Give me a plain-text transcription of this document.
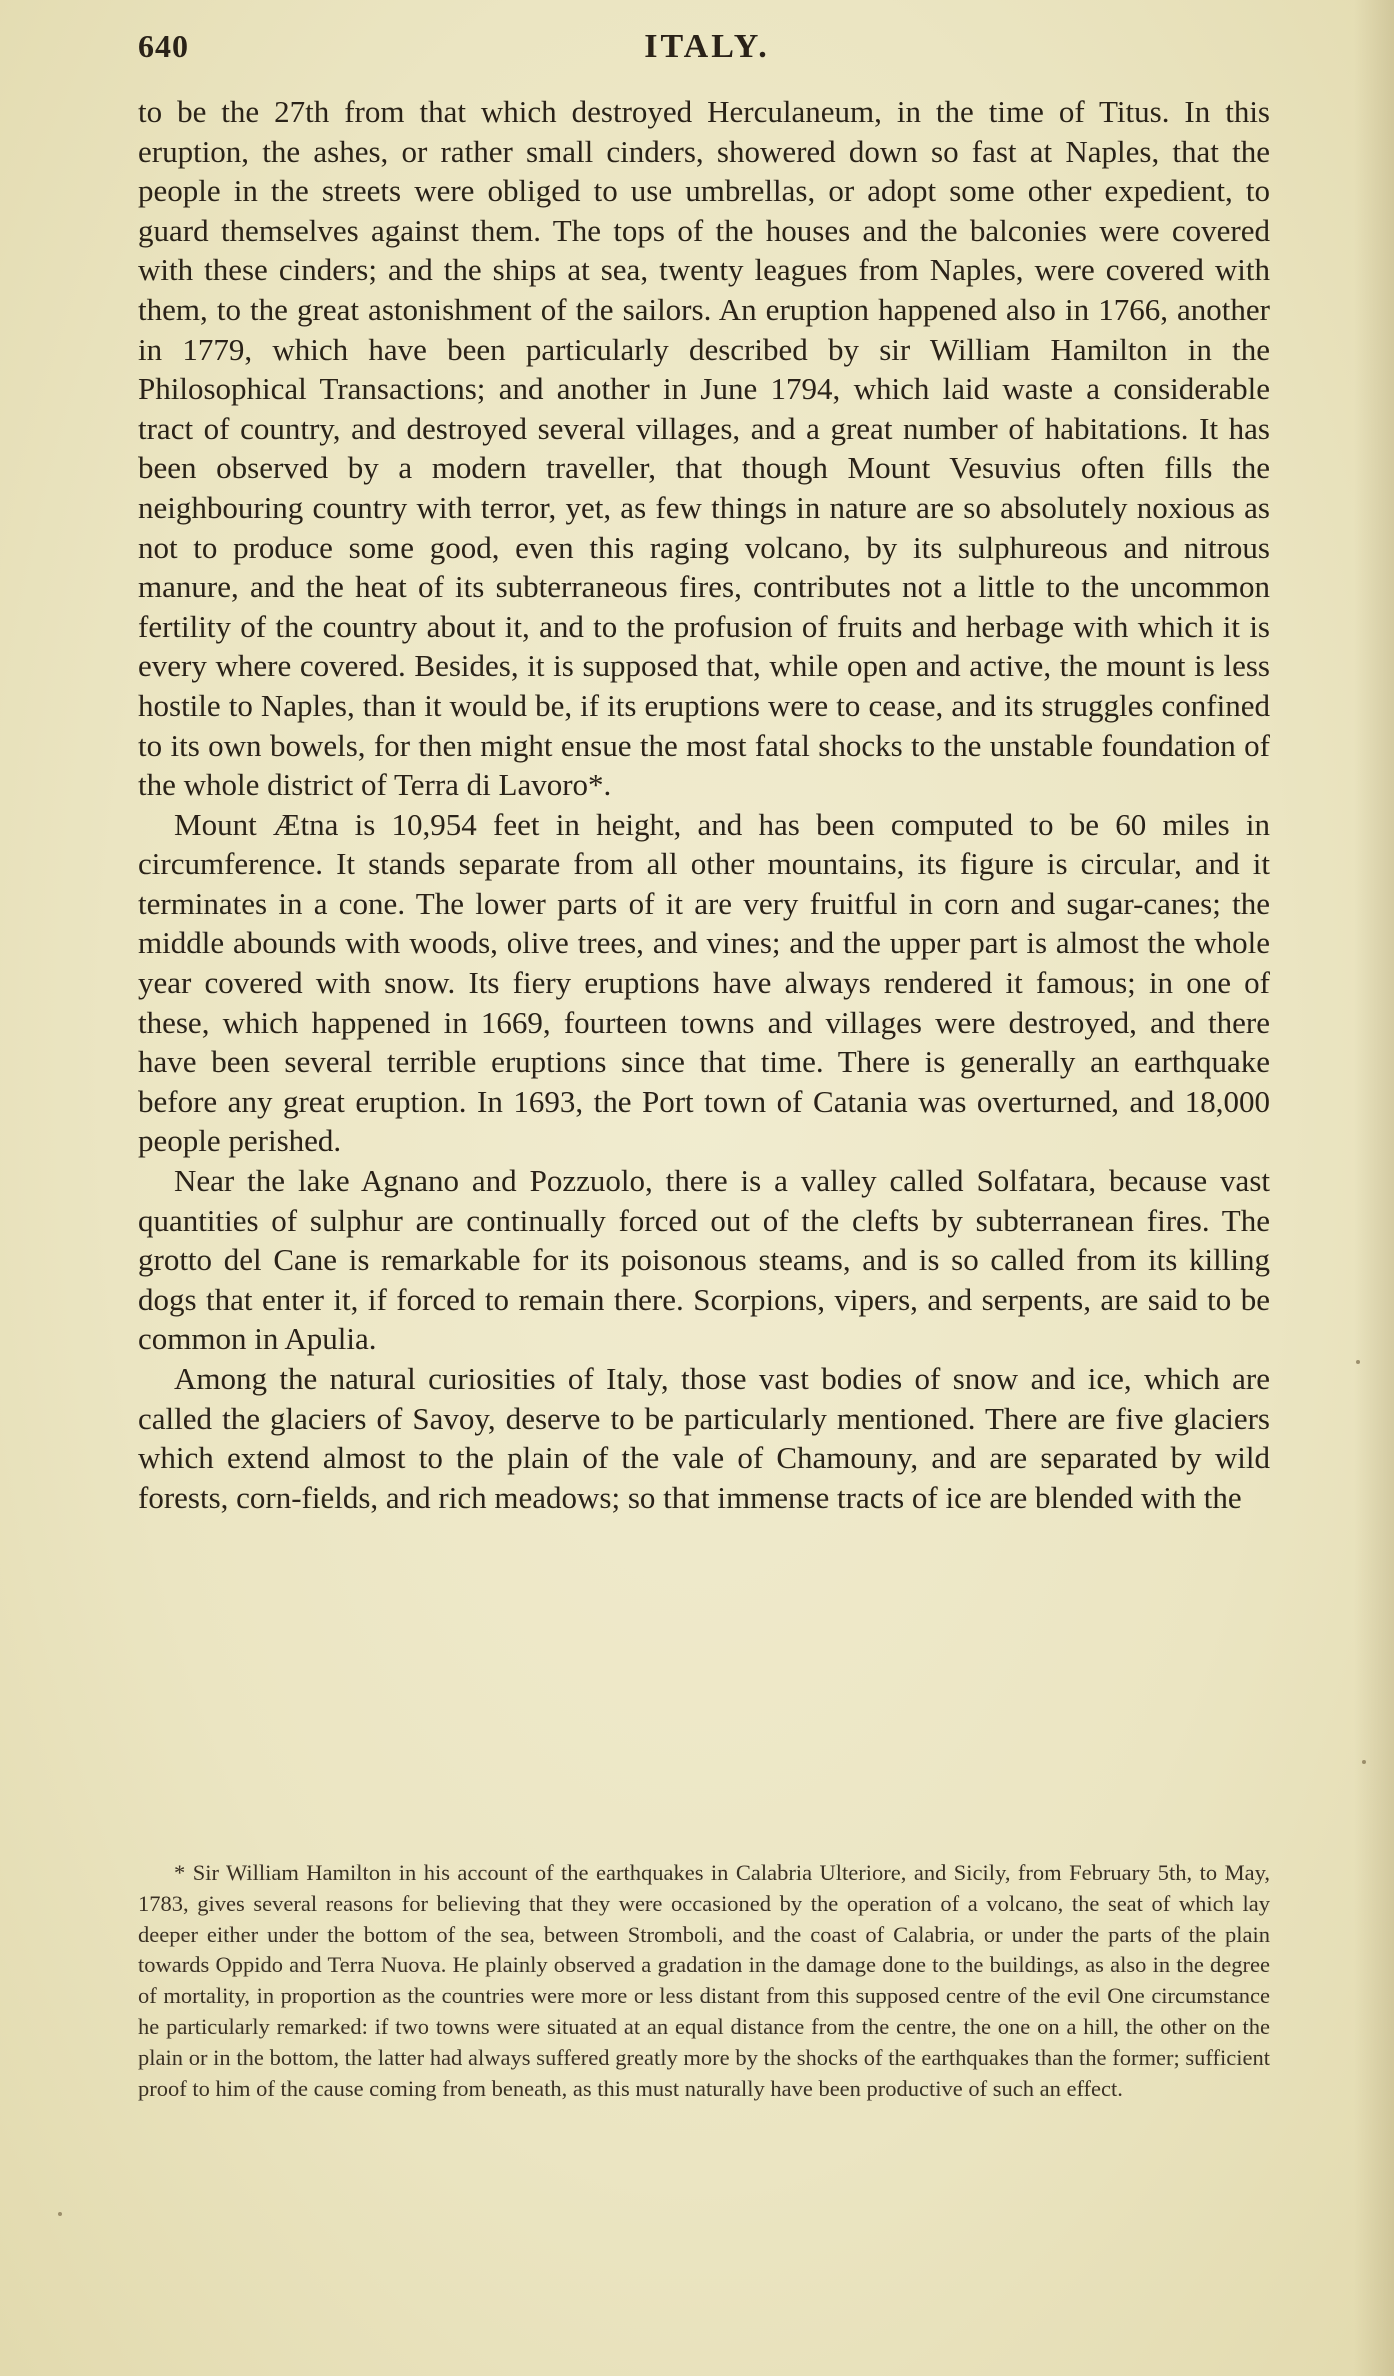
640	ITALY.

to be the 27th from that which destroyed Herculaneum, in the time of Titus. In this eruption, the ashes, or rather small cinders, showered down so fast at Naples, that the people in the streets were obliged to use umbrellas, or adopt some other expedient, to guard themselves against them. The tops of the houses and the balconies were covered with these cinders; and the ships at sea, twenty leagues from Naples, were covered with them, to the great astonishment of the sailors. An eruption happened also in 1766, another in 1779, which have been particularly described by sir William Hamilton in the Philosophical Transactions; and another in June 1794, which laid waste a considerable tract of country, and destroyed several villages, and a great number of habitations. It has been observed by a modern traveller, that though Mount Vesuvius often fills the neighbouring country with terror, yet, as few things in nature are so absolutely noxious as not to produce some good, even this raging volcano, by its sulphureous and nitrous manure, and the heat of its subterraneous fires, contributes not a little to the uncommon fertility of the country about it, and to the profusion of fruits and herbage with which it is every where covered. Besides, it is supposed that, while open and active, the mount is less hostile to Naples, than it would be, if its eruptions were to cease, and its struggles confined to its own bowels, for then might ensue the most fatal shocks to the unstable foundation of the whole district of Terra di Lavoro*.

Mount Ætna is 10,954 feet in height, and has been computed to be 60 miles in circumference. It stands separate from all other mountains, its figure is circular, and it terminates in a cone. The lower parts of it are very fruitful in corn and sugar-canes; the middle abounds with woods, olive trees, and vines; and the upper part is almost the whole year covered with snow. Its fiery eruptions have always rendered it famous; in one of these, which happened in 1669, fourteen towns and villages were destroyed, and there have been several terrible eruptions since that time. There is generally an earthquake before any great eruption. In 1693, the Port town of Catania was overturned, and 18,000 people perished.

Near the lake Agnano and Pozzuolo, there is a valley called Solfatara, because vast quantities of sulphur are continually forced out of the clefts by subterranean fires. The grotto del Cane is remarkable for its poisonous steams, and is so called from its killing dogs that enter it, if forced to remain there. Scorpions, vipers, and serpents, are said to be common in Apulia.

Among the natural curiosities of Italy, those vast bodies of snow and ice, which are called the glaciers of Savoy, deserve to be particularly mentioned. There are five glaciers which extend almost to the plain of the vale of Chamouny, and are separated by wild forests, corn-fields, and rich meadows; so that immense tracts of ice are blended with the

* Sir William Hamilton in his account of the earthquakes in Calabria Ulteriore, and Sicily, from February 5th, to May, 1783, gives several reasons for believing that they were occasioned by the operation of a volcano, the seat of which lay deeper either under the bottom of the sea, between Stromboli, and the coast of Calabria, or under the parts of the plain towards Oppido and Terra Nuova. He plainly observed a gradation in the damage done to the buildings, as also in the degree of mortality, in proportion as the countries were more or less distant from this supposed centre of the evil One circumstance he particularly remarked: if two towns were situated at an equal distance from the centre, the one on a hill, the other on the plain or in the bottom, the latter had always suffered greatly more by the shocks of the earthquakes than the former; sufficient proof to him of the cause coming from beneath, as this must naturally have been productive of such an effect.
